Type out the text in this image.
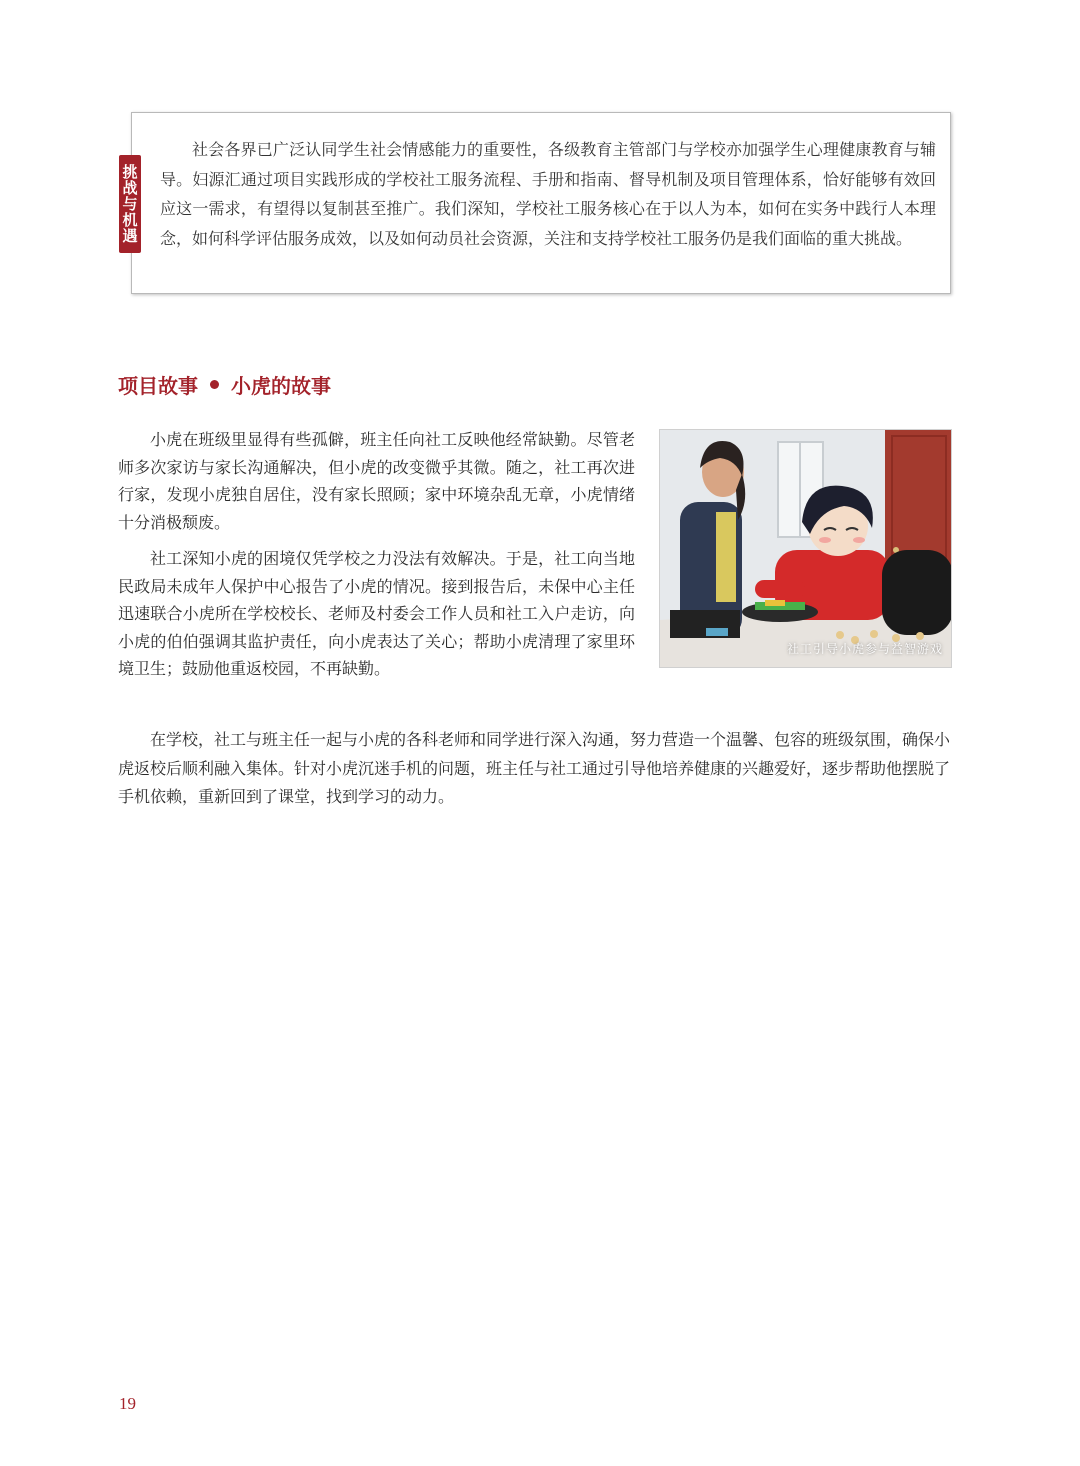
挑战与机遇

社会各界已广泛认同学生社会情感能力的重要性，各级教育主管部门与学校亦加强学生心理健康教育与辅导。妇源汇通过项目实践形成的学校社工服务流程、手册和指南、督导机制及项目管理体系，恰好能够有效回应这一需求，有望得以复制甚至推广。我们深知，学校社工服务核心在于以人为本，如何在实务中践行人本理念，如何科学评估服务成效，以及如何动员社会资源，关注和支持学校社工服务仍是我们面临的重大挑战。

项目故事 小虎的故事

小虎在班级里显得有些孤僻，班主任向社工反映他经常缺勤。尽管老师多次家访与家长沟通解决，但小虎的改变微乎其微。随之，社工再次进行家，发现小虎独自居住，没有家长照顾；家中环境杂乱无章，小虎情绪十分消极颓废。

社工深知小虎的困境仅凭学校之力没法有效解决。于是，社工向当地民政局未成年人保护中心报告了小虎的情况。接到报告后，未保中心主任迅速联合小虎所在学校校长、老师及村委会工作人员和社工入户走访，向小虎的伯伯强调其监护责任，向小虎表达了关心；帮助小虎清理了家里环境卫生；鼓励他重返校园，不再缺勤。

社工引导小虎参与益智游戏

在学校，社工与班主任一起与小虎的各科老师和同学进行深入沟通，努力营造一个温馨、包容的班级氛围，确保小虎返校后顺利融入集体。针对小虎沉迷手机的问题，班主任与社工通过引导他培养健康的兴趣爱好，逐步帮助他摆脱了手机依赖，重新回到了课堂，找到学习的动力。

19
